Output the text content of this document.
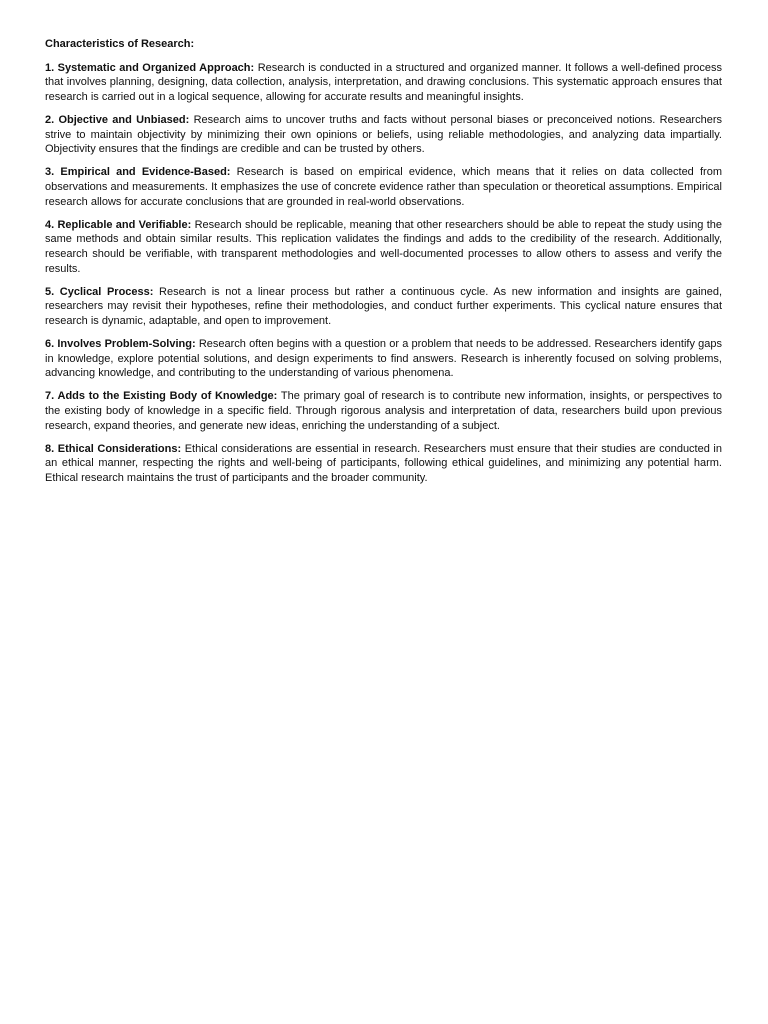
Characteristics of Research:

1. Systematic and Organized Approach: Research is conducted in a structured and organized manner. It follows a well-defined process that involves planning, designing, data collection, analysis, interpretation, and drawing conclusions. This systematic approach ensures that research is carried out in a logical sequence, allowing for accurate results and meaningful insights.

2. Objective and Unbiased: Research aims to uncover truths and facts without personal biases or preconceived notions. Researchers strive to maintain objectivity by minimizing their own opinions or beliefs, using reliable methodologies, and analyzing data impartially. Objectivity ensures that the findings are credible and can be trusted by others.

3. Empirical and Evidence-Based: Research is based on empirical evidence, which means that it relies on data collected from observations and measurements. It emphasizes the use of concrete evidence rather than speculation or theoretical assumptions. Empirical research allows for accurate conclusions that are grounded in real-world observations.

4. Replicable and Verifiable: Research should be replicable, meaning that other researchers should be able to repeat the study using the same methods and obtain similar results. This replication validates the findings and adds to the credibility of the research. Additionally, research should be verifiable, with transparent methodologies and well-documented processes to allow others to assess and verify the results.

5. Cyclical Process: Research is not a linear process but rather a continuous cycle. As new information and insights are gained, researchers may revisit their hypotheses, refine their methodologies, and conduct further experiments. This cyclical nature ensures that research is dynamic, adaptable, and open to improvement.

6. Involves Problem-Solving: Research often begins with a question or a problem that needs to be addressed. Researchers identify gaps in knowledge, explore potential solutions, and design experiments to find answers. Research is inherently focused on solving problems, advancing knowledge, and contributing to the understanding of various phenomena.

7. Adds to the Existing Body of Knowledge: The primary goal of research is to contribute new information, insights, or perspectives to the existing body of knowledge in a specific field. Through rigorous analysis and interpretation of data, researchers build upon previous research, expand theories, and generate new ideas, enriching the understanding of a subject.

8. Ethical Considerations: Ethical considerations are essential in research. Researchers must ensure that their studies are conducted in an ethical manner, respecting the rights and well-being of participants, following ethical guidelines, and minimizing any potential harm. Ethical research maintains the trust of participants and the broader community.
